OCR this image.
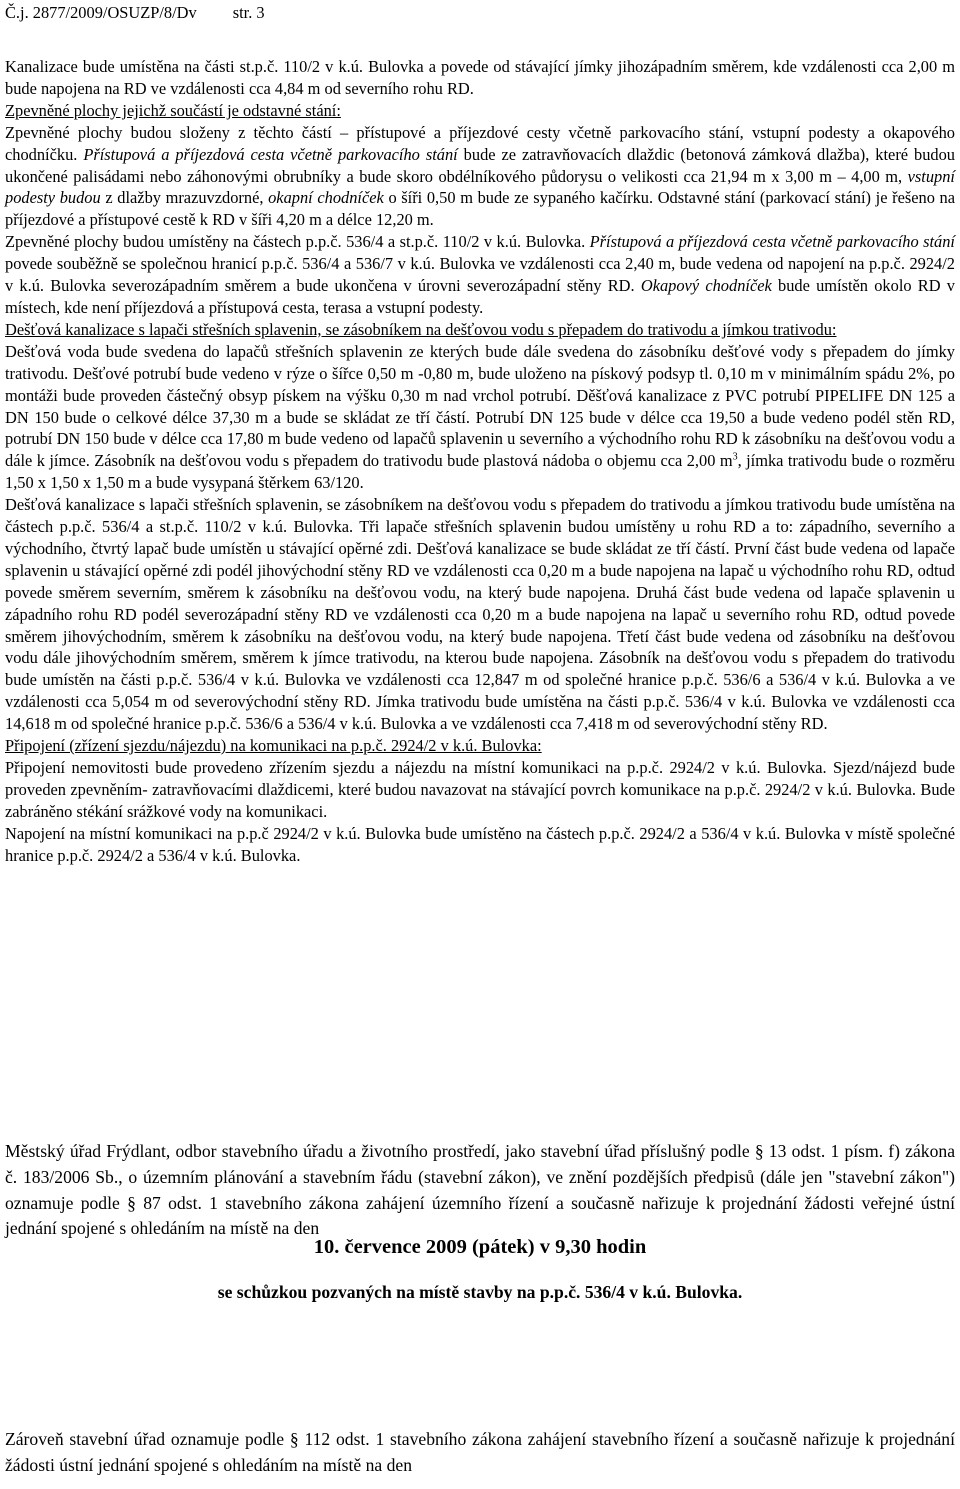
Č.j. 2877/2009/OSUZP/8/Dv str. 3

Kanalizace bude umístěna na části st.p.č. 110/2 v k.ú. Bulovka a povede od stávající jímky jihozápadním směrem, kde vzdálenosti cca 2,00 m bude napojena na RD ve vzdálenosti cca 4,84 m od severního rohu RD.

Zpevněné plochy jejichž součástí je odstavné stání:

Zpevněné plochy budou složeny z těchto částí – přístupové a příjezdové cesty včetně parkovacího stání, vstupní podesty a okapového chodníčku. Přístupová a příjezdová cesta včetně parkovacího stání bude ze zatravňovacích dlaždic (betonová zámková dlažba), které budou ukončené palisádami nebo záhonovými obrubníky a bude skoro obdélníkového půdorysu o velikosti cca 21,94 m x 3,00 m – 4,00 m, vstupní podesty budou z dlažby mrazuvzdorné, okapní chodníček o šíři 0,50 m bude ze sypaného kačírku. Odstavné stání (parkovací stání) je řešeno na příjezdové a přístupové cestě k RD v šíři 4,20 m a délce 12,20 m.

Zpevněné plochy budou umístěny na částech p.p.č. 536/4 a st.p.č. 110/2 v k.ú. Bulovka. Přístupová a příjezdová cesta včetně parkovacího stání povede souběžně se společnou hranicí p.p.č. 536/4 a 536/7 v k.ú. Bulovka ve vzdálenosti cca 2,40 m, bude vedena od napojení na p.p.č. 2924/2 v k.ú. Bulovka severozápadním směrem a bude ukončena v úrovni severozápadní stěny RD. Okapový chodníček bude umístěn okolo RD v místech, kde není příjezdová a přístupová cesta, terasa a vstupní podesty.

Dešťová kanalizace s lapači střešních splavenin, se zásobníkem na dešťovou vodu s přepadem do trativodu a jímkou trativodu:

Dešťová voda bude svedena do lapačů střešních splavenin ze kterých bude dále svedena do zásobníku dešťové vody s přepadem do jímky trativodu. Dešťové potrubí bude vedeno v rýze o šířce 0,50 m -0,80 m, bude uloženo na pískový podsyp tl. 0,10 m v minimálním spádu 2%, po montáži bude proveden částečný obsyp pískem na výšku 0,30 m nad vrchol potrubí. Děšťová kanalizace z PVC potrubí PIPELIFE DN 125 a DN 150 bude o celkové délce 37,30 m a bude se skládat ze tří částí. Potrubí DN 125 bude v délce cca 19,50 a bude vedeno podél stěn RD, potrubí DN 150 bude v délce cca 17,80 m bude vedeno od lapačů splavenin u severního a východního rohu RD k zásobníku na dešťovou vodu a dále k jímce. Zásobník na dešťovou vodu s přepadem do trativodu bude plastová nádoba o objemu cca 2,00 $m^3$, jímka trativodu bude o rozměru 1,50 x 1,50 x 1,50 m a bude vysypaná štěrkem 63/120.

Dešťová kanalizace s lapači střešních splavenin, se zásobníkem na dešťovou vodu s přepadem do trativodu a jímkou trativodu bude umístěna na částech p.p.č. 536/4 a st.p.č. 110/2 v k.ú. Bulovka. Tři lapače střešních splavenin budou umístěny u rohu RD a to: západního, severního a východního, čtvrtý lapač bude umístěn u stávající opěrné zdi. Dešťová kanalizace se bude skládat ze tří částí. První část bude vedena od lapače splavenin u stávající opěrné zdi podél jihovýchodní stěny RD ve vzdálenosti cca 0,20 m a bude napojena na lapač u východního rohu RD, odtud povede směrem severním, směrem k zásobníku na dešťovou vodu, na který bude napojena. Druhá část bude vedena od lapače splavenin u západního rohu RD podél severozápadní stěny RD ve vzdálenosti cca 0,20 m a bude napojena na lapač u severního rohu RD, odtud povede směrem jihovýchodním, směrem k zásobníku na dešťovou vodu, na který bude napojena. Třetí část bude vedena od zásobníku na dešťovou vodu dále jihovýchodním směrem, směrem k jímce trativodu, na kterou bude napojena. Zásobník na dešťovou vodu s přepadem do trativodu bude umístěn na části p.p.č. 536/4 v k.ú. Bulovka ve vzdálenosti cca 12,847 m od společné hranice p.p.č. 536/6 a 536/4 v k.ú. Bulovka a ve vzdálenosti cca 5,054 m od severovýchodní stěny RD. Jímka trativodu bude umístěna na části p.p.č. 536/4 v k.ú. Bulovka ve vzdálenosti cca 14,618 m od společné hranice p.p.č. 536/6 a 536/4 v k.ú. Bulovka a ve vzdálenosti cca 7,418 m od severovýchodní stěny RD.

Připojení (zřízení sjezdu/nájezdu) na komunikaci na p.p.č. 2924/2 v k.ú. Bulovka:

Připojení nemovitosti bude provedeno zřízením sjezdu a nájezdu na místní komunikaci na p.p.č. 2924/2 v k.ú. Bulovka. Sjezd/nájezd bude proveden zpevněním- zatravňovacími dlaždicemi, které budou navazovat na stávající povrch komunikace na p.p.č. 2924/2 v k.ú. Bulovka. Bude zabráněno stékání srážkové vody na komunikaci.

Napojení na místní komunikaci na p.p.č 2924/2 v k.ú. Bulovka bude umístěno na částech p.p.č. 2924/2 a 536/4 v k.ú. Bulovka v místě společné hranice p.p.č. 2924/2 a 536/4 v k.ú. Bulovka.

Městský úřad Frýdlant, odbor stavebního úřadu a životního prostředí, jako stavební úřad příslušný podle § 13 odst. 1 písm. f) zákona č. 183/2006 Sb., o územním plánování a stavebním řádu (stavební zákon), ve znění pozdějších předpisů (dále jen "stavební zákon") oznamuje podle § 87 odst. 1 stavebního zákona zahájení územního řízení a současně nařizuje k projednání žádosti veřejné ústní jednání spojené s ohledáním na místě na den

10. července 2009 (pátek) v 9,30 hodin
se schůzkou pozvaných na místě stavby na p.p.č. 536/4 v k.ú. Bulovka.

Zároveň stavební úřad oznamuje podle § 112 odst. 1 stavebního zákona zahájení stavebního řízení a současně nařizuje k projednání žádosti ústní jednání spojené s ohledáním na místě na den
